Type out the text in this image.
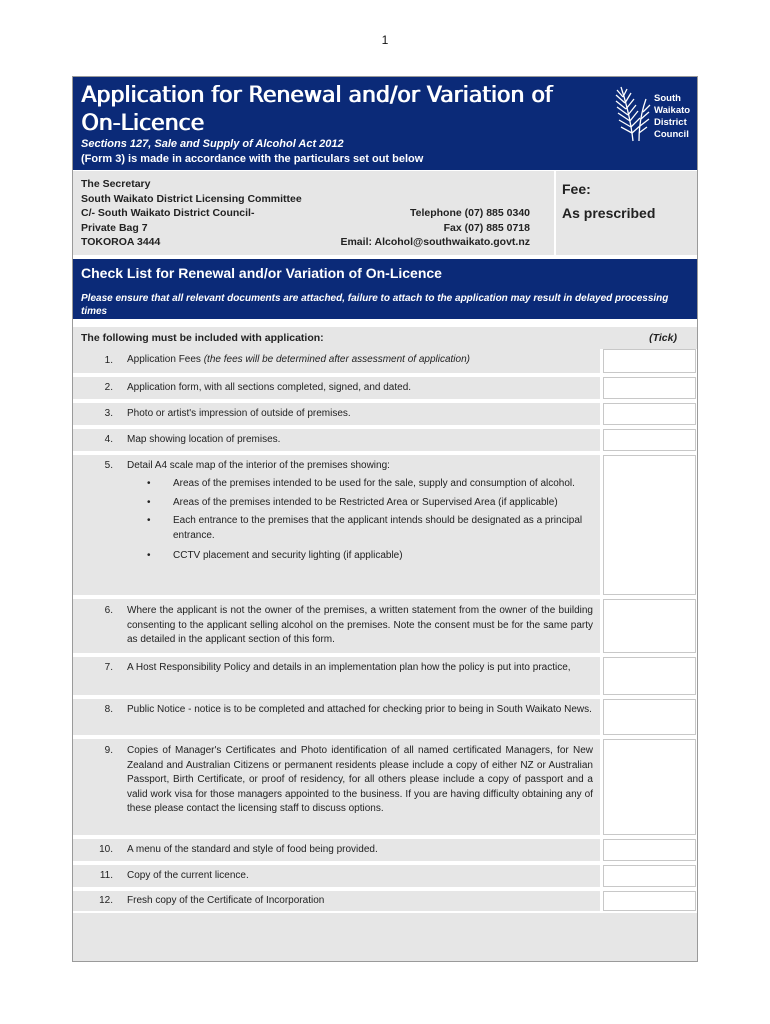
1
Application for Renewal and/or Variation of
On-Licence
Sections 127, Sale and Supply of Alcohol Act 2012
(Form 3) is made in accordance with the particulars set out below
South
Waikato
District
Council
The Secretary
South Waikato District Licensing Committee
C/- South Waikato District Council-
Private Bag 7
TOKOROA 3444
Telephone (07) 885 0340
Fax (07) 885 0718
Email: Alcohol@southwaikato.govt.nz
Fee:
As prescribed
Check List for Renewal and/or Variation of On-Licence
Please ensure that all relevant documents are attached, failure to attach to the application may result in delayed processing times
The following must be included with application:	(Tick)
1. Application Fees (the fees will be determined after assessment of application)
2. Application form, with all sections completed, signed, and dated.
3. Photo or artist's impression of outside of premises.
4. Map showing location of premises.
5. Detail A4 scale map of the interior of the premises showing:
• Areas of the premises intended to be used for the sale, supply and consumption of alcohol.
• Areas of the premises intended to be Restricted Area or Supervised Area (if applicable)
• Each entrance to the premises that the applicant intends should be designated as a principal entrance.
• CCTV placement and security lighting (if applicable)
6. Where the applicant is not the owner of the premises, a written statement from the owner of the building consenting to the applicant selling alcohol on the premises. Note the consent must be for the same party as detailed in the applicant section of this form.
7. A Host Responsibility Policy and details in an implementation plan how the policy is put into practice,
8. Public Notice - notice is to be completed and attached for checking prior to being in South Waikato News.
9. Copies of Manager's Certificates and Photo identification of all named certificated Managers, for New Zealand and Australian Citizens or permanent residents please include a copy of either NZ or Australian Passport, Birth Certificate, or proof of residency, for all others please include a copy of passport and a valid work visa for those managers appointed to the business. If you are having difficulty obtaining any of these please contact the licensing staff to discuss options.
10. A menu of the standard and style of food being provided.
11. Copy of the current licence.
12. Fresh copy of the Certificate of Incorporation
